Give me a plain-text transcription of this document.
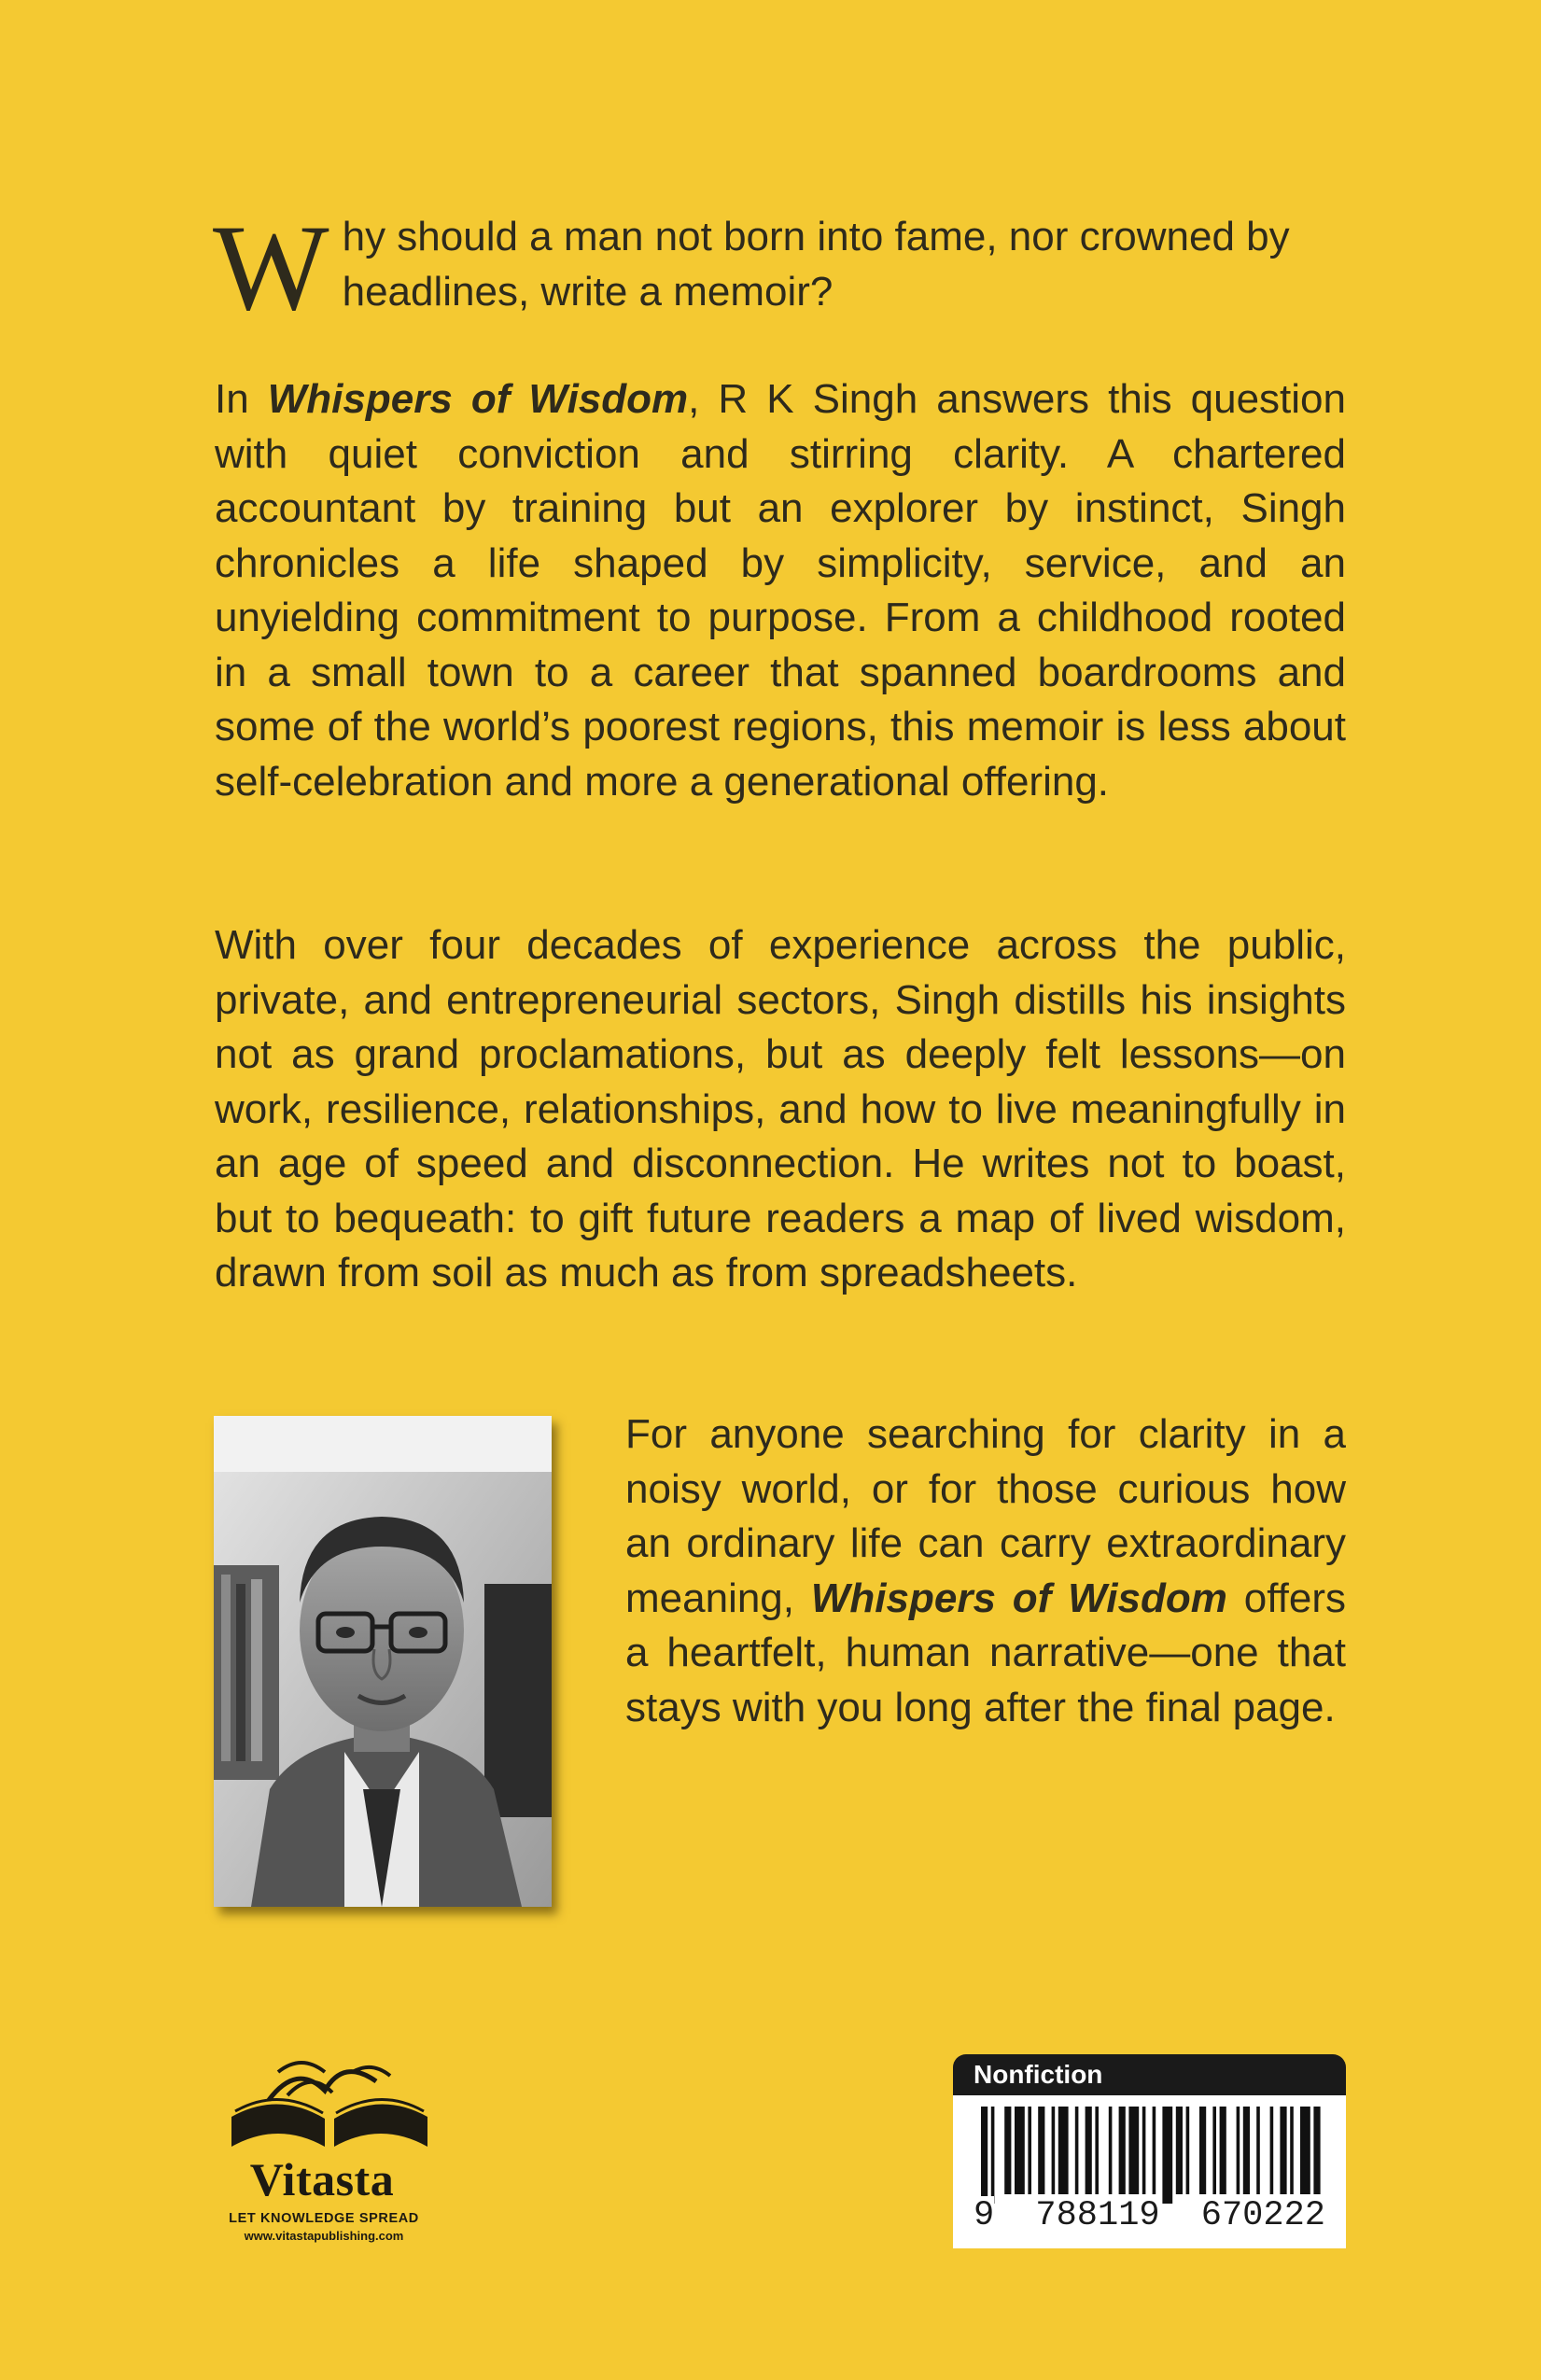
Why should a man not born into fame, nor crowned by headlines, write a memoir?

In Whispers of Wisdom, R K Singh answers this question with quiet conviction and stirring clarity. A chartered accountant by training but an explorer by instinct, Singh chronicles a life shaped by simplicity, service, and an unyielding commitment to purpose. From a childhood rooted in a small town to a career that spanned boardrooms and some of the world’s poorest regions, this memoir is less about self-celebration and more a generational offering.

With over four decades of experience across the public, private, and entrepreneurial sectors, Singh distills his insights not as grand proclamations, but as deeply felt lessons—on work, resilience, relationships, and how to live meaningfully in an age of speed and disconnection. He writes not to boast, but to bequeath: to gift future readers a map of lived wisdom, drawn from soil as much as from spreadsheets.

For anyone searching for clarity in a noisy world, or for those curious how an ordinary life can carry extraordinary meaning, Whispers of Wisdom offers a heartfelt, human narrative—one that stays with you long after the final page.

Vitasta

LET KNOWLEDGE SPREAD

www.vitastapublishing.com

Nonfiction

9 788119 670222
